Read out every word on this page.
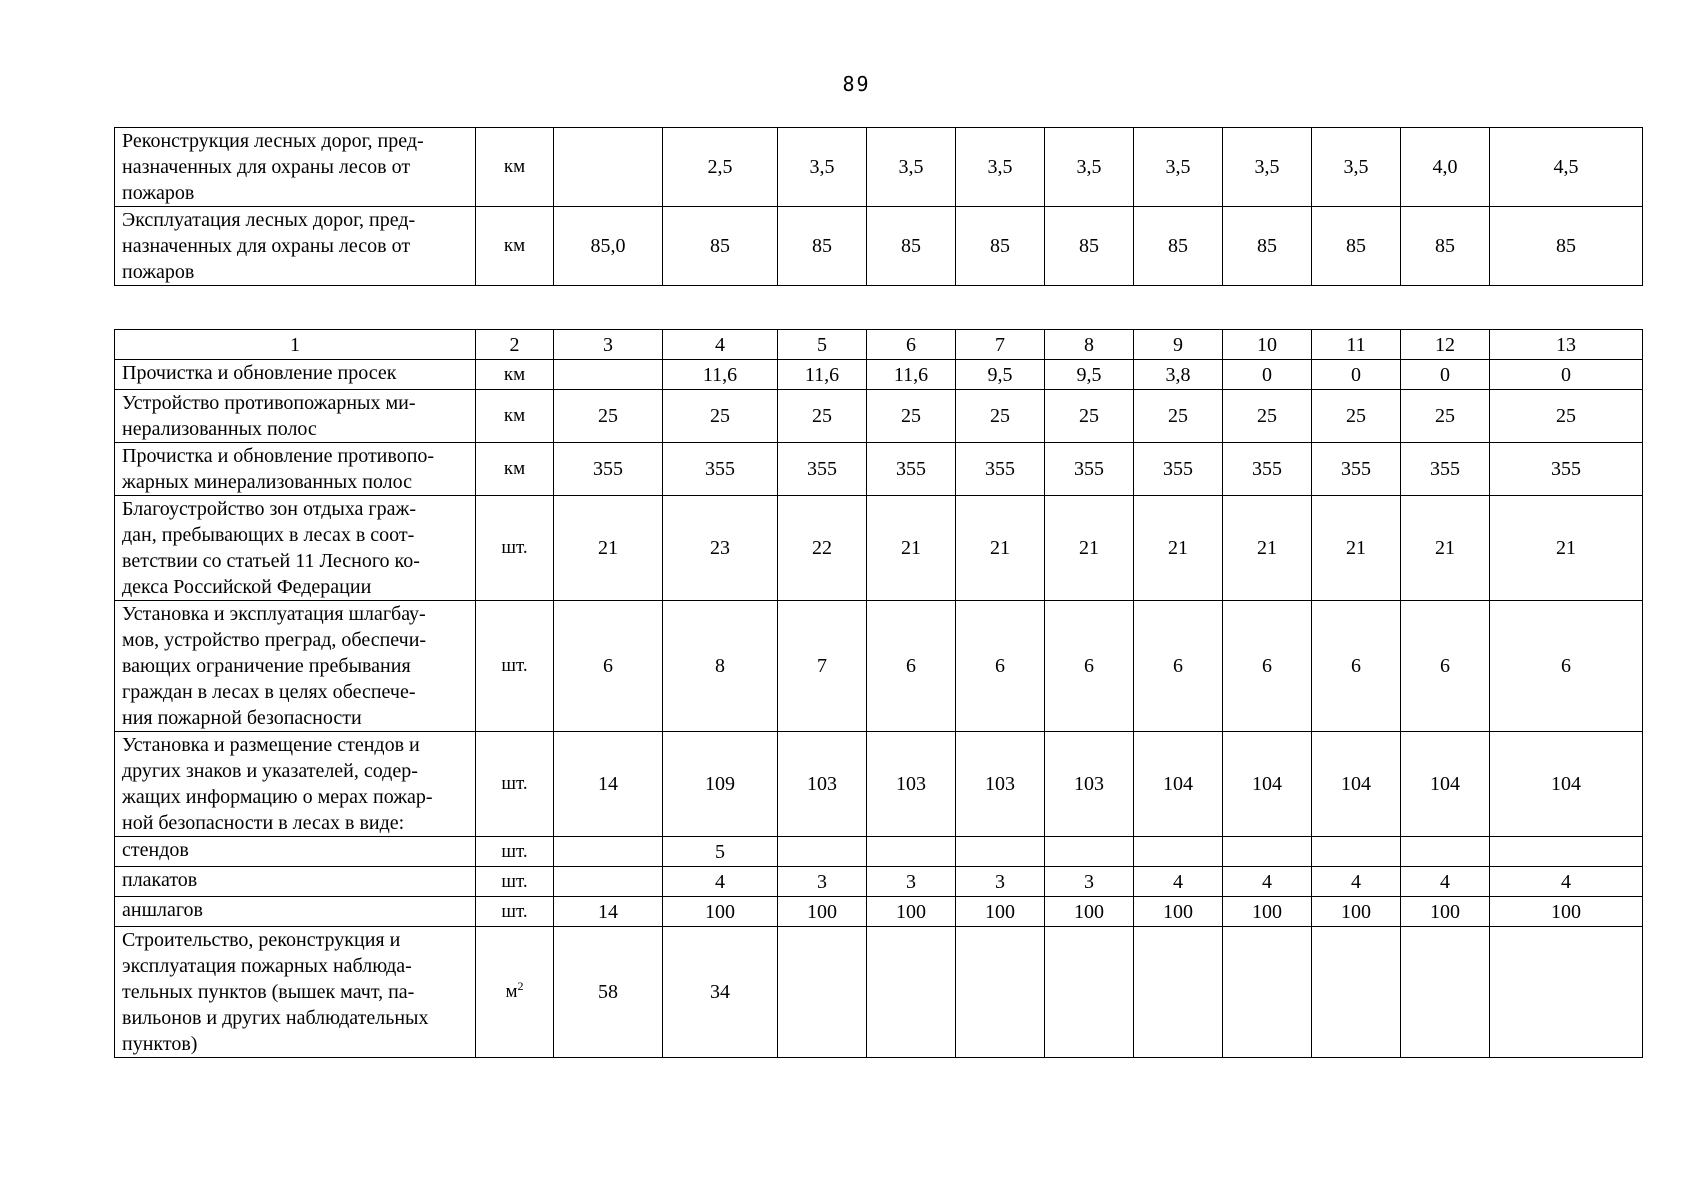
89
Реконструкция лесных дорог, пред-
назначенных для охраны лесов от
пожаров	км		2,5	3,5	3,5	3,5	3,5	3,5	3,5	3,5	4,0	4,5
Эксплуатация лесных дорог, пред-
назначенных для охраны лесов от
пожаров	км	85,0	85	85	85	85	85	85	85	85	85	85
1	2	3	4	5	6	7	8	9	10	11	12	13
Прочистка и обновление просек	км		11,6	11,6	11,6	9,5	9,5	3,8	0	0	0	0
Устройство противопожарных ми-
нерализованных полос	км	25	25	25	25	25	25	25	25	25	25	25
Прочистка и обновление противопо-
жарных минерализованных полос	км	355	355	355	355	355	355	355	355	355	355	355
Благоустройство зон отдыха граж-
дан, пребывающих в лесах в соот-
ветствии со статьей 11 Лесного ко-
декса Российской Федерации	шт.	21	23	22	21	21	21	21	21	21	21	21
Установка и эксплуатация шлагбау-
мов, устройство преград, обеспечи-
вающих ограничение пребывания
граждан в лесах в целях обеспече-
ния пожарной безопасности	шт.	6	8	7	6	6	6	6	6	6	6	6
Установка и размещение стендов и
других знаков и указателей, содер-
жащих информацию о мерах пожар-
ной безопасности в лесах в виде:	шт.	14	109	103	103	103	103	104	104	104	104	104
стендов	шт.		5									
плакатов	шт.		4	3	3	3	3	4	4	4	4	4
аншлагов	шт.	14	100	100	100	100	100	100	100	100	100	100
Строительство, реконструкция и
эксплуатация пожарных наблюда-
тельных пунктов (вышек мачт, па-
вильонов и других наблюдательных
пунктов)	$м^2$	58	34									
